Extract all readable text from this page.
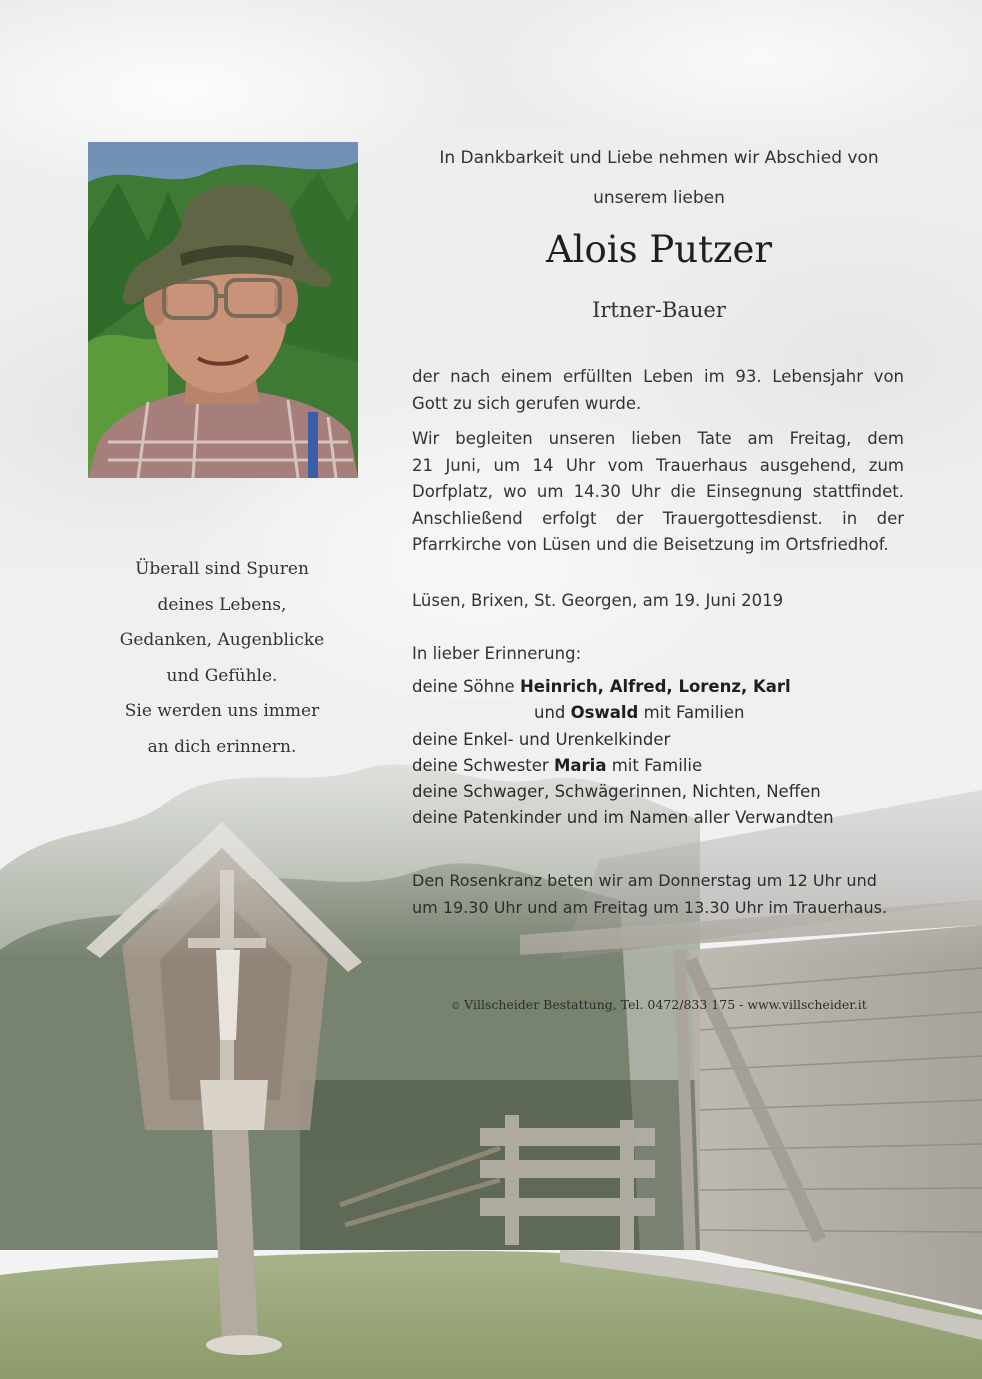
Überall sind Spuren
deines Lebens,
Gedanken, Augenblicke
und Gefühle.
Sie werden uns immer
an dich erinnern.
In Dankbarkeit und Liebe nehmen wir Abschied von
unserem lieben
Alois Putzer
Irtner-Bauer
der nach einem erfüllten Leben im 93. Lebensjahr von
Gott zu sich gerufen wurde.
Wir begleiten unseren lieben Tate am Freitag, dem
21 Juni, um 14 Uhr vom Trauerhaus ausgehend, zum
Dorfplatz, wo um 14.30 Uhr die Einsegnung stattfindet.
Anschließend erfolgt der Trauergottesdienst. in der
Pfarrkirche von Lüsen und die Beisetzung im Ortsfriedhof.
Lüsen, Brixen, St. Georgen, am 19. Juni 2019
In lieber Erinnerung:
deine Söhne Heinrich, Alfred, Lorenz, Karl
und Oswald mit Familien
deine Enkel- und Urenkelkinder
deine Schwester Maria mit Familie
deine Schwager, Schwägerinnen, Nichten, Neffen
deine Patenkinder und im Namen aller Verwandten
Den Rosenkranz beten wir am Donnerstag um 12 Uhr und
um 19.30 Uhr und am Freitag um 13.30 Uhr im Trauerhaus.
© Villscheider Bestattung, Tel. 0472/833 175 - www.villscheider.it
